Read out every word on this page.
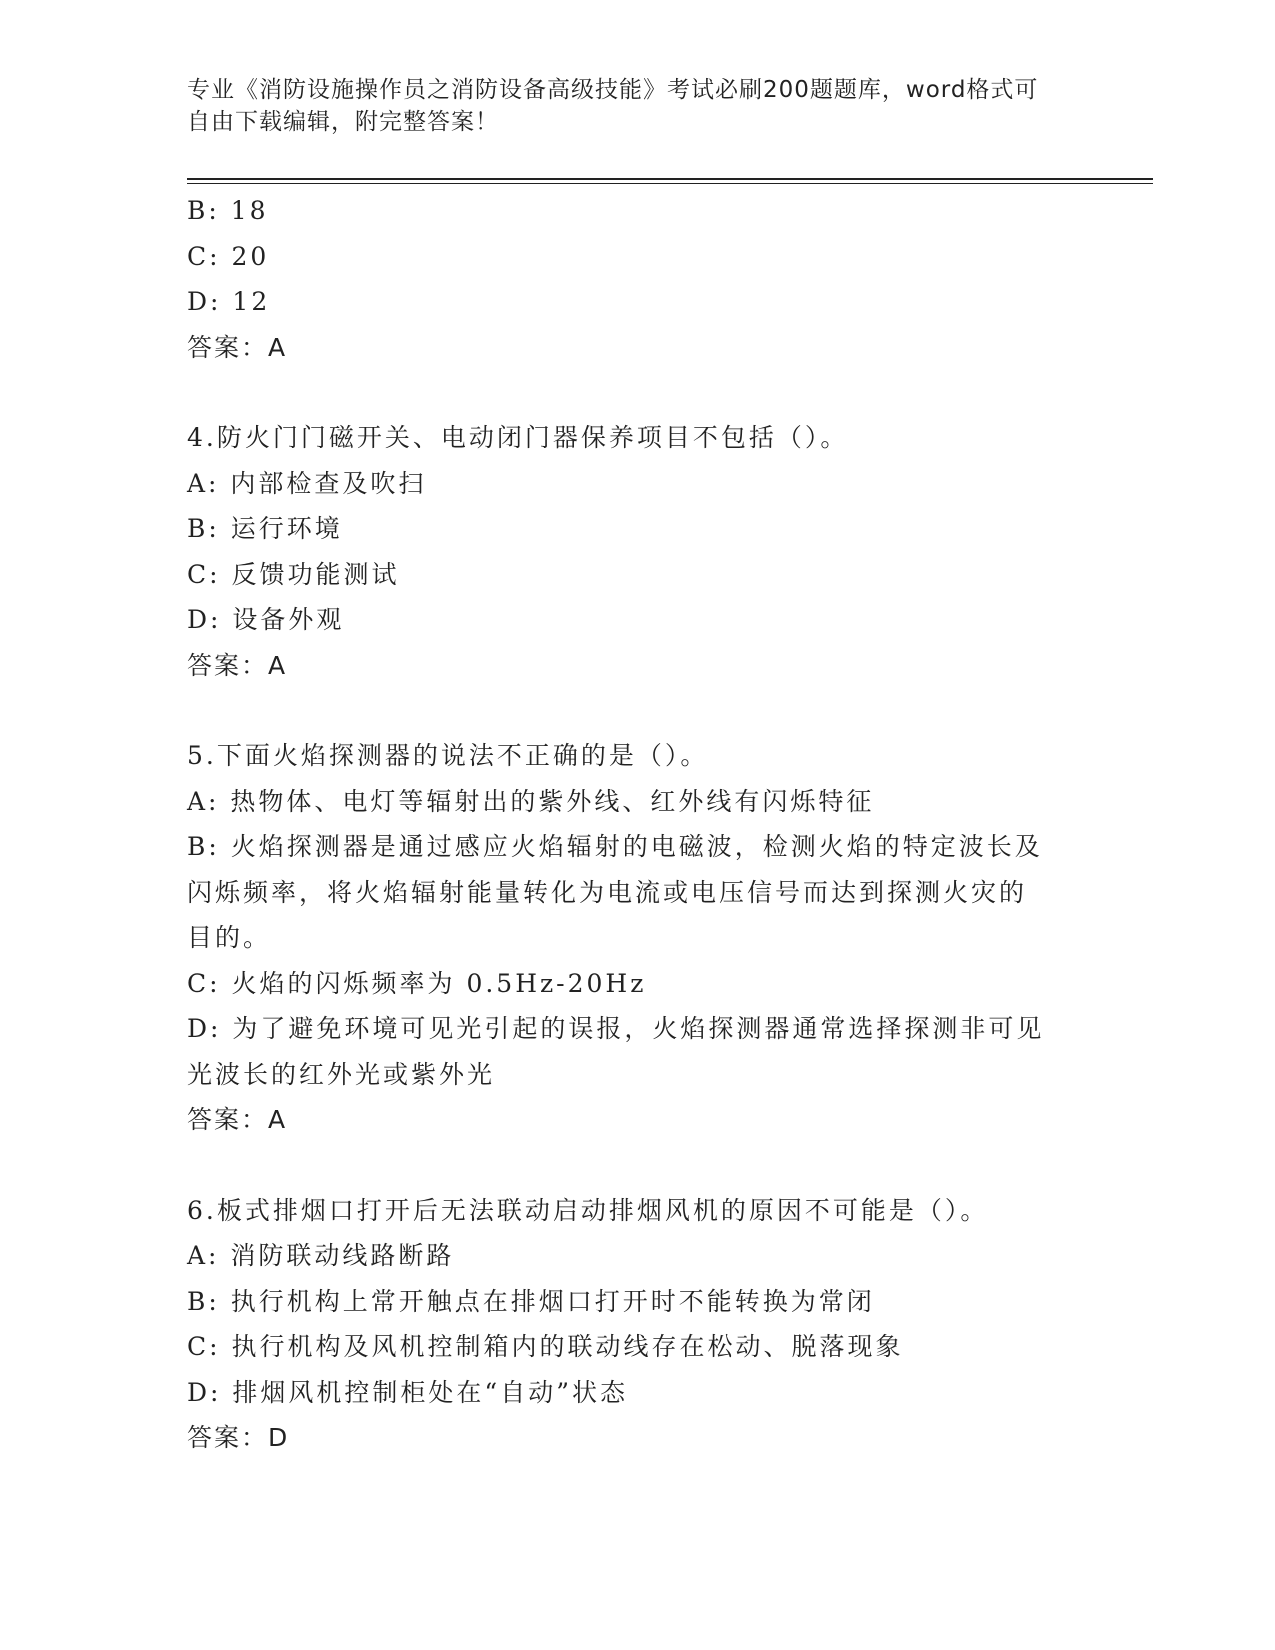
专业《消防设施操作员之消防设备高级技能》考试必刷200题题库，word格式可
自由下载编辑，附完整答案！
B: 18
C: 20
D: 12
答案：A
4.防火门门磁开关、电动闭门器保养项目不包括（）。
A: 内部检查及吹扫
B: 运行环境
C: 反馈功能测试
D: 设备外观
答案：A
5.下面火焰探测器的说法不正确的是（）。
A: 热物体、电灯等辐射出的紫外线、红外线有闪烁特征
B: 火焰探测器是通过感应火焰辐射的电磁波，检测火焰的特定波长及
闪烁频率，将火焰辐射能量转化为电流或电压信号而达到探测火灾的
目的。
C: 火焰的闪烁频率为 0.5Hz-20Hz
D: 为了避免环境可见光引起的误报，火焰探测器通常选择探测非可见
光波长的红外光或紫外光
答案：A
6.板式排烟口打开后无法联动启动排烟风机的原因不可能是（）。
A: 消防联动线路断路
B: 执行机构上常开触点在排烟口打开时不能转换为常闭
C: 执行机构及风机控制箱内的联动线存在松动、脱落现象
D: 排烟风机控制柜处在“自动”状态
答案：D
